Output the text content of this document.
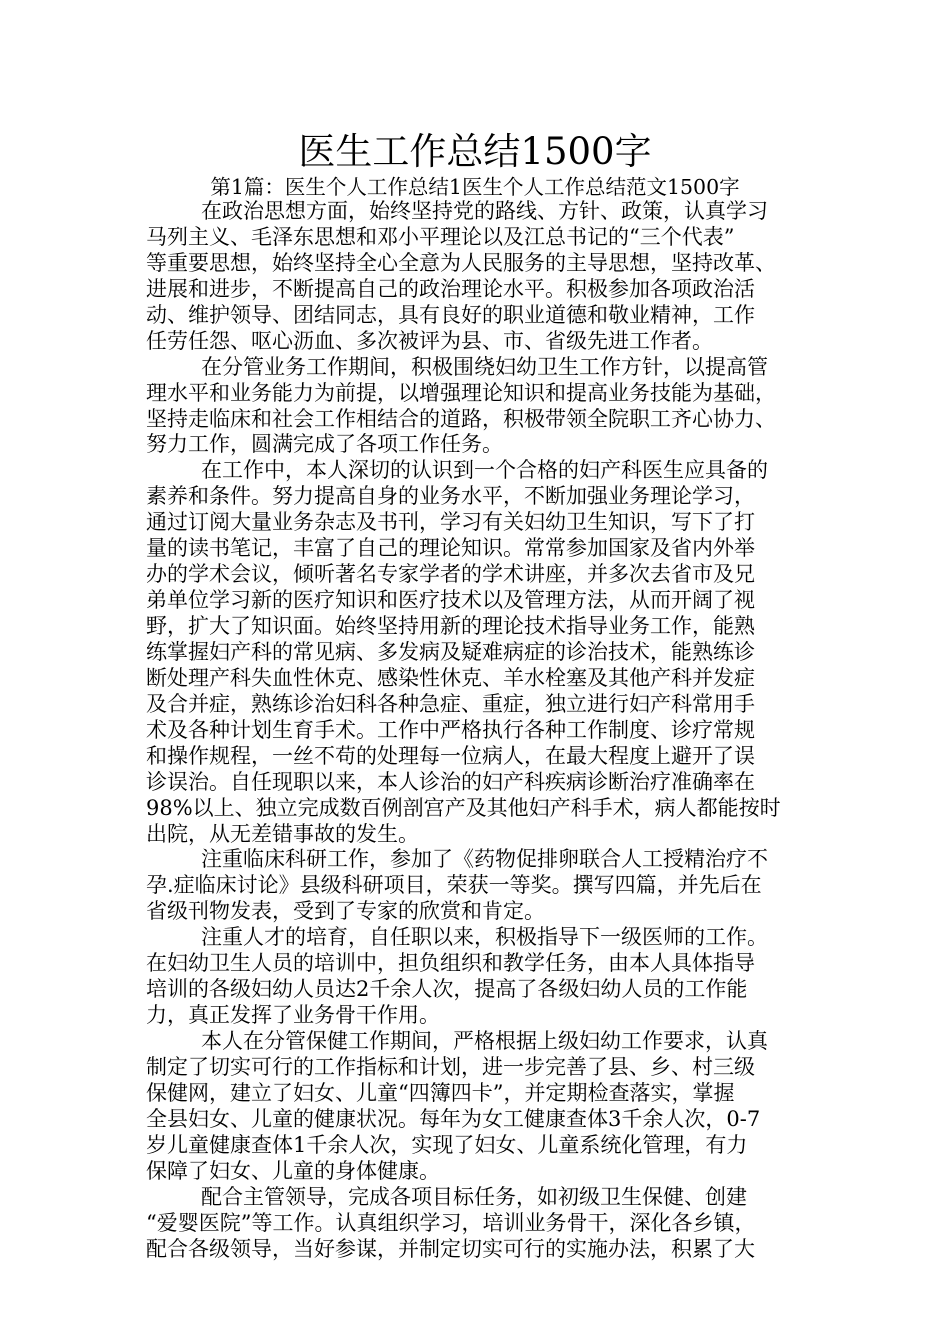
医生工作总结1500字
第1篇：医生个人工作总结1医生个人工作总结范文1500字
在政治思想方面，始终坚持党的路线、方针、政策，认真学习
马列主义、毛泽东思想和邓小平理论以及江总书记的“三个代表”
等重要思想，始终坚持全心全意为人民服务的主导思想，坚持改革、
进展和进步，不断提高自己的政治理论水平。积极参加各项政治活
动、维护领导、团结同志，具有良好的职业道德和敬业精神，工作
任劳任怨、呕心沥血、多次被评为县、市、省级先进工作者。
在分管业务工作期间，积极围绕妇幼卫生工作方针，以提高管
理水平和业务能力为前提，以增强理论知识和提高业务技能为基础，
坚持走临床和社会工作相结合的道路，积极带领全院职工齐心协力、
努力工作，圆满完成了各项工作任务。
在工作中，本人深切的认识到一个合格的妇产科医生应具备的
素养和条件。努力提高自身的业务水平，不断加强业务理论学习，
通过订阅大量业务杂志及书刊，学习有关妇幼卫生知识，写下了打
量的读书笔记，丰富了自己的理论知识。常常参加国家及省内外举
办的学术会议，倾听著名专家学者的学术讲座，并多次去省市及兄
弟单位学习新的医疗知识和医疗技术以及管理方法，从而开阔了视
野，扩大了知识面。始终坚持用新的理论技术指导业务工作，能熟
练掌握妇产科的常见病、多发病及疑难病症的诊治技术，能熟练诊
断处理产科失血性休克、感染性休克、羊水栓塞及其他产科并发症
及合并症，熟练诊治妇科各种急症、重症，独立进行妇产科常用手
术及各种计划生育手术。工作中严格执行各种工作制度、诊疗常规
和操作规程，一丝不苟的处理每一位病人，在最大程度上避开了误
诊误治。自任现职以来，本人诊治的妇产科疾病诊断治疗准确率在
98%以上、独立完成数百例剖宫产及其他妇产科手术，病人都能按时
出院，从无差错事故的发生。
注重临床科研工作，参加了《药物促排卵联合人工授精治疗不
孕.症临床讨论》县级科研项目，荣获一等奖。撰写四篇，并先后在
省级刊物发表，受到了专家的欣赏和肯定。
注重人才的培育，自任职以来，积极指导下一级医师的工作。
在妇幼卫生人员的培训中，担负组织和教学任务，由本人具体指导
培训的各级妇幼人员达2千余人次，提高了各级妇幼人员的工作能
力，真正发挥了业务骨干作用。
本人在分管保健工作期间，严格根据上级妇幼工作要求，认真
制定了切实可行的工作指标和计划，进一步完善了县、乡、村三级
保健网，建立了妇女、儿童“四簿四卡”，并定期检查落实，掌握
全县妇女、儿童的健康状况。每年为女工健康查体3千余人次，0-7
岁儿童健康查体1千余人次，实现了妇女、儿童系统化管理，有力
保障了妇女、儿童的身体健康。
配合主管领导，完成各项目标任务，如初级卫生保健、创建
“爱婴医院”等工作。认真组织学习，培训业务骨干，深化各乡镇，
配合各级领导，当好参谋，并制定切实可行的实施办法，积累了大
